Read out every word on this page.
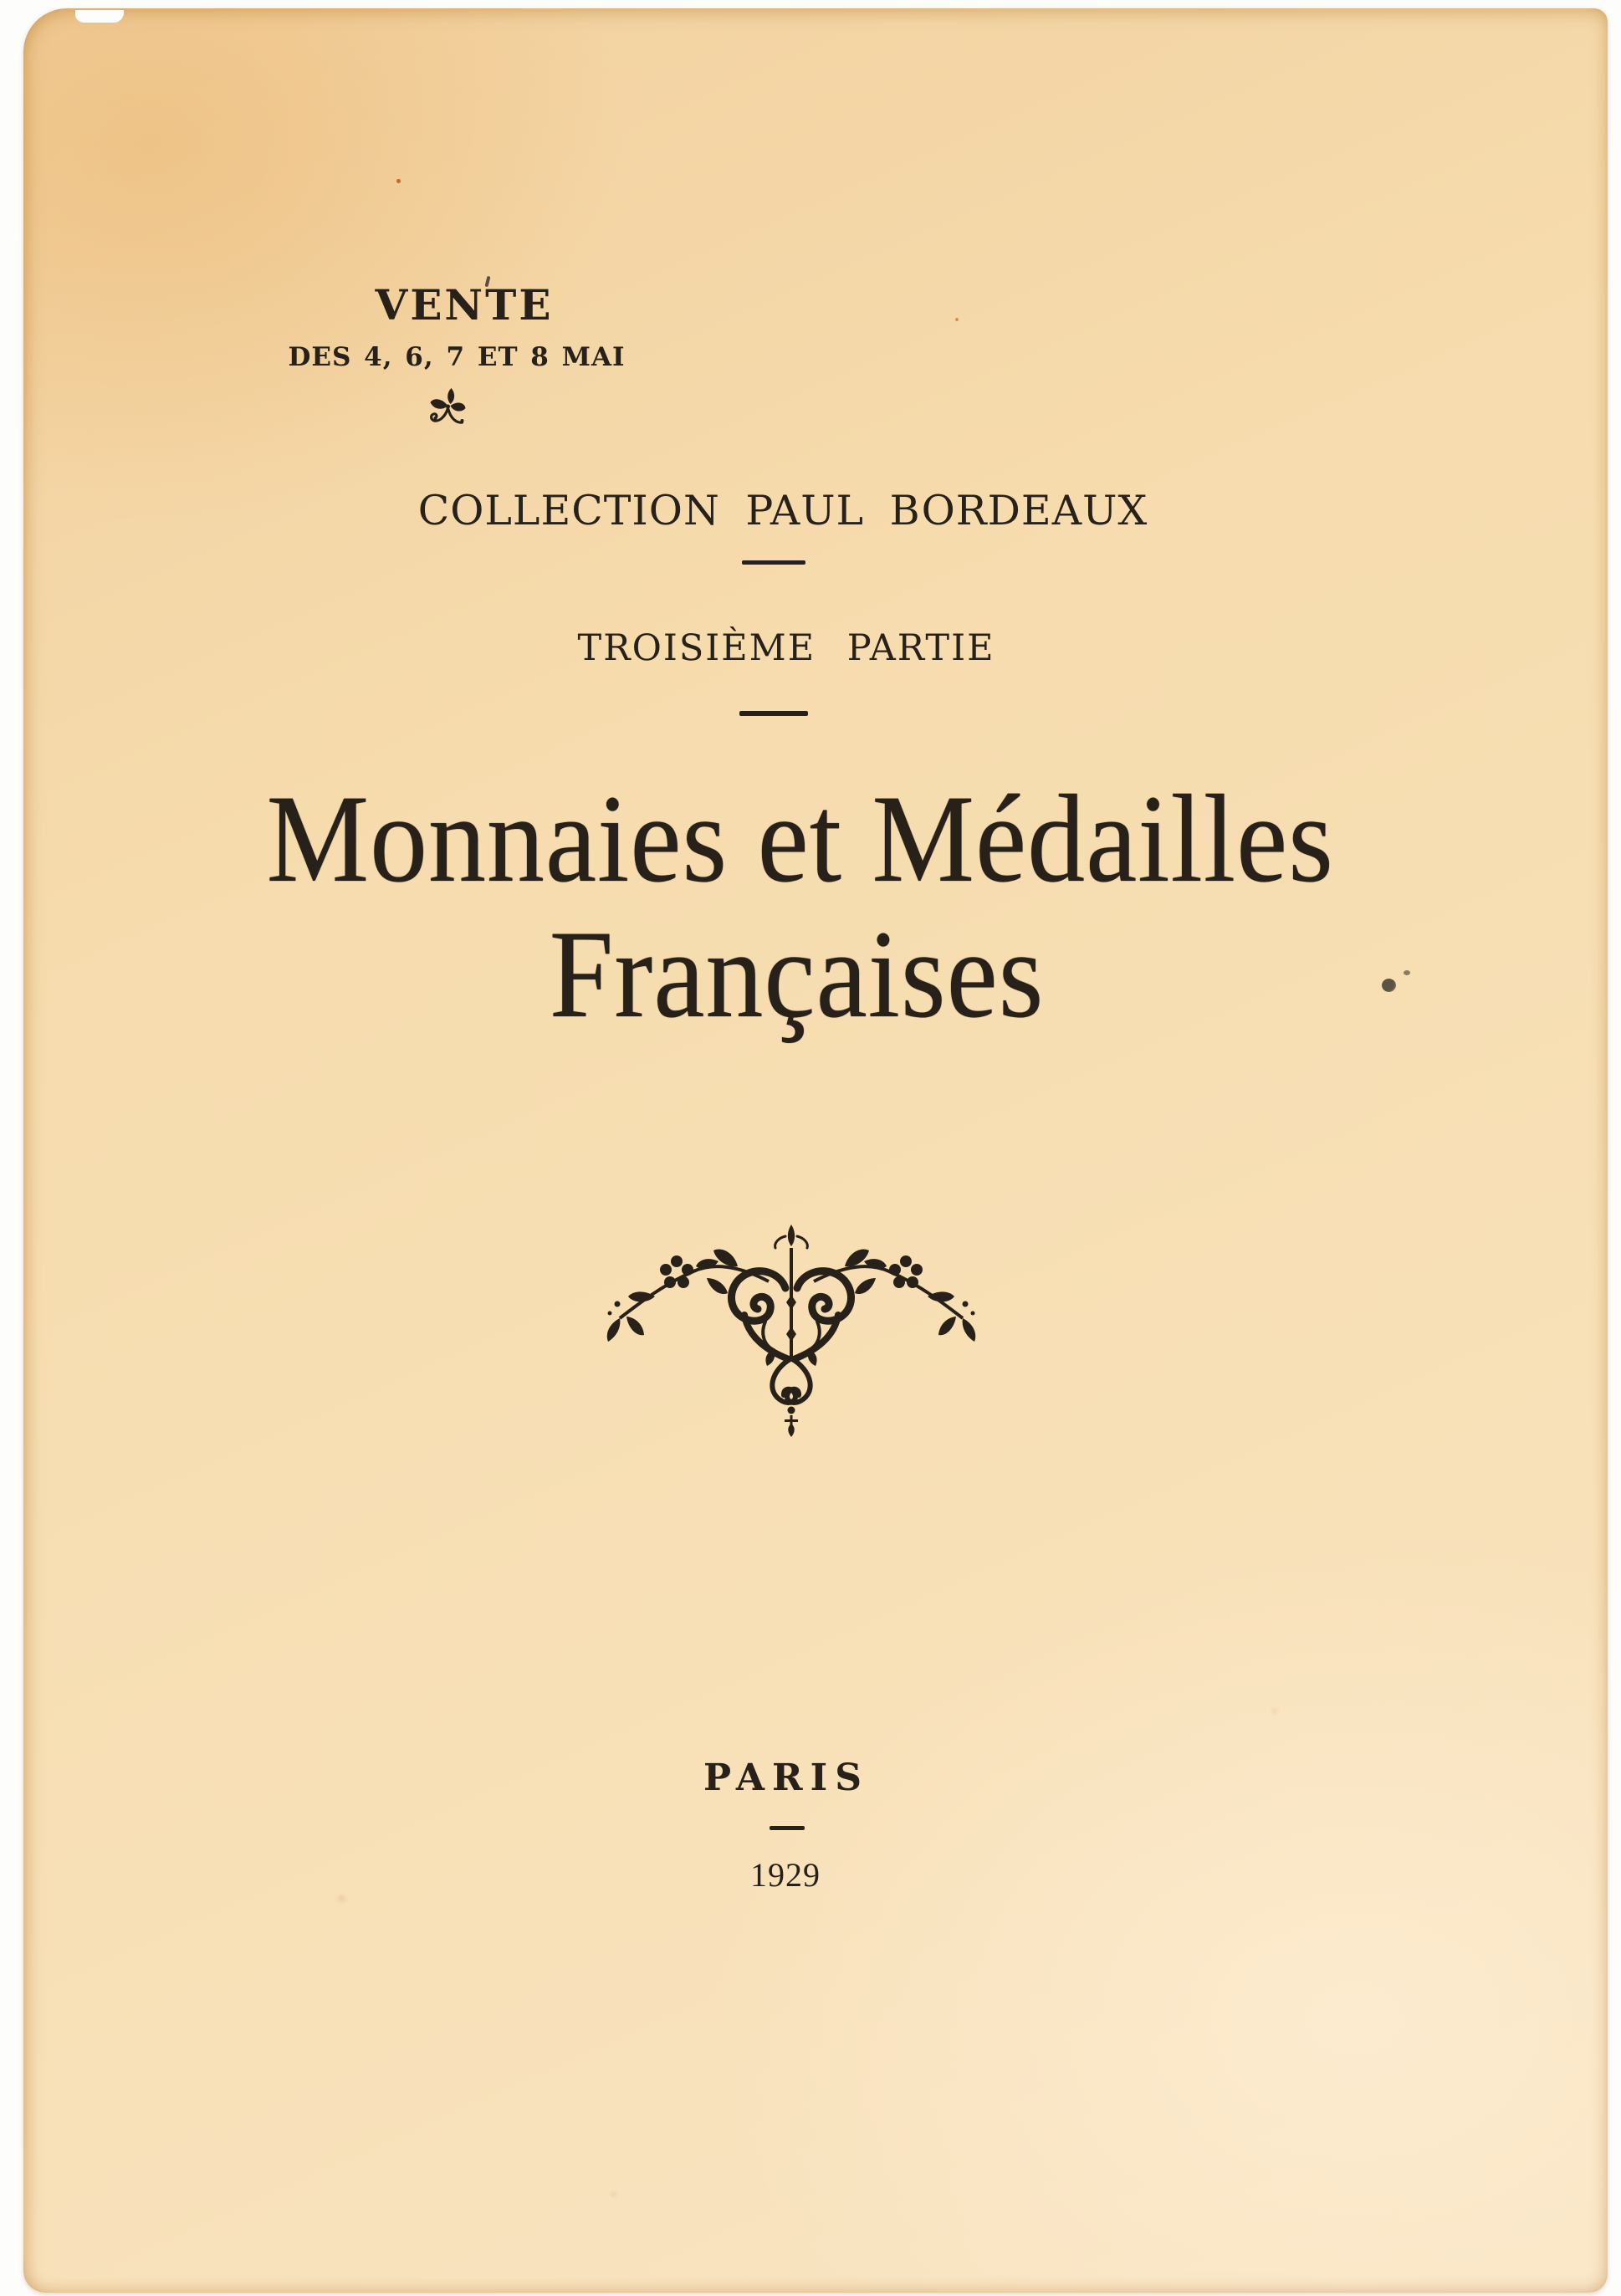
VENTE
DES 4, 6, 7 ET 8 MAI
COLLECTION PAUL BORDEAUX
TROISIÈME PARTIE
Monnaies et Médailles
Françaises
PARIS
1929
